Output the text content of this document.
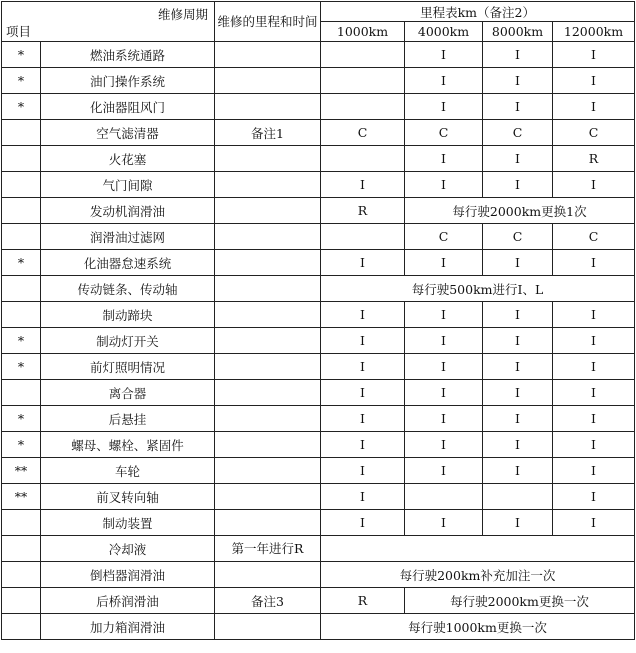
维修周期
项目		维修的里程和时间	里程表km（备注2）			
			1000km	4000km	8000km	12000km
*	燃油系统通路			I	I	I
*	油门操作系统			I	I	I
*	化油器阻风门			I	I	I
	空气滤清器	备注1	C	C	C	C
	火花塞			I	I	R
	气门间隙		I	I	I	I
	发动机润滑油		R	每行驶2000km更换1次		
	润滑油过滤网			C	C	C
*	化油器怠速系统		I	I	I	I
	传动链条、传动轴		每行驶500km进行I、L			
	制动蹄块		I	I	I	I
*	制动灯开关		I	I	I	I
*	前灯照明情况		I	I	I	I
	离合器		I	I	I	I
*	后悬挂		I	I	I	I
*	螺母、螺栓、紧固件		I	I	I	I
**	车轮		I	I	I	I
**	前叉转向轴		I			I
	制动装置		I	I	I	I
	冷却液	第一年进行R				
	倒档器润滑油		每行驶200km补充加注一次			
	后桥润滑油	备注3	R	每行驶2000km更换一次		
	加力箱润滑油		每行驶1000km更换一次			
